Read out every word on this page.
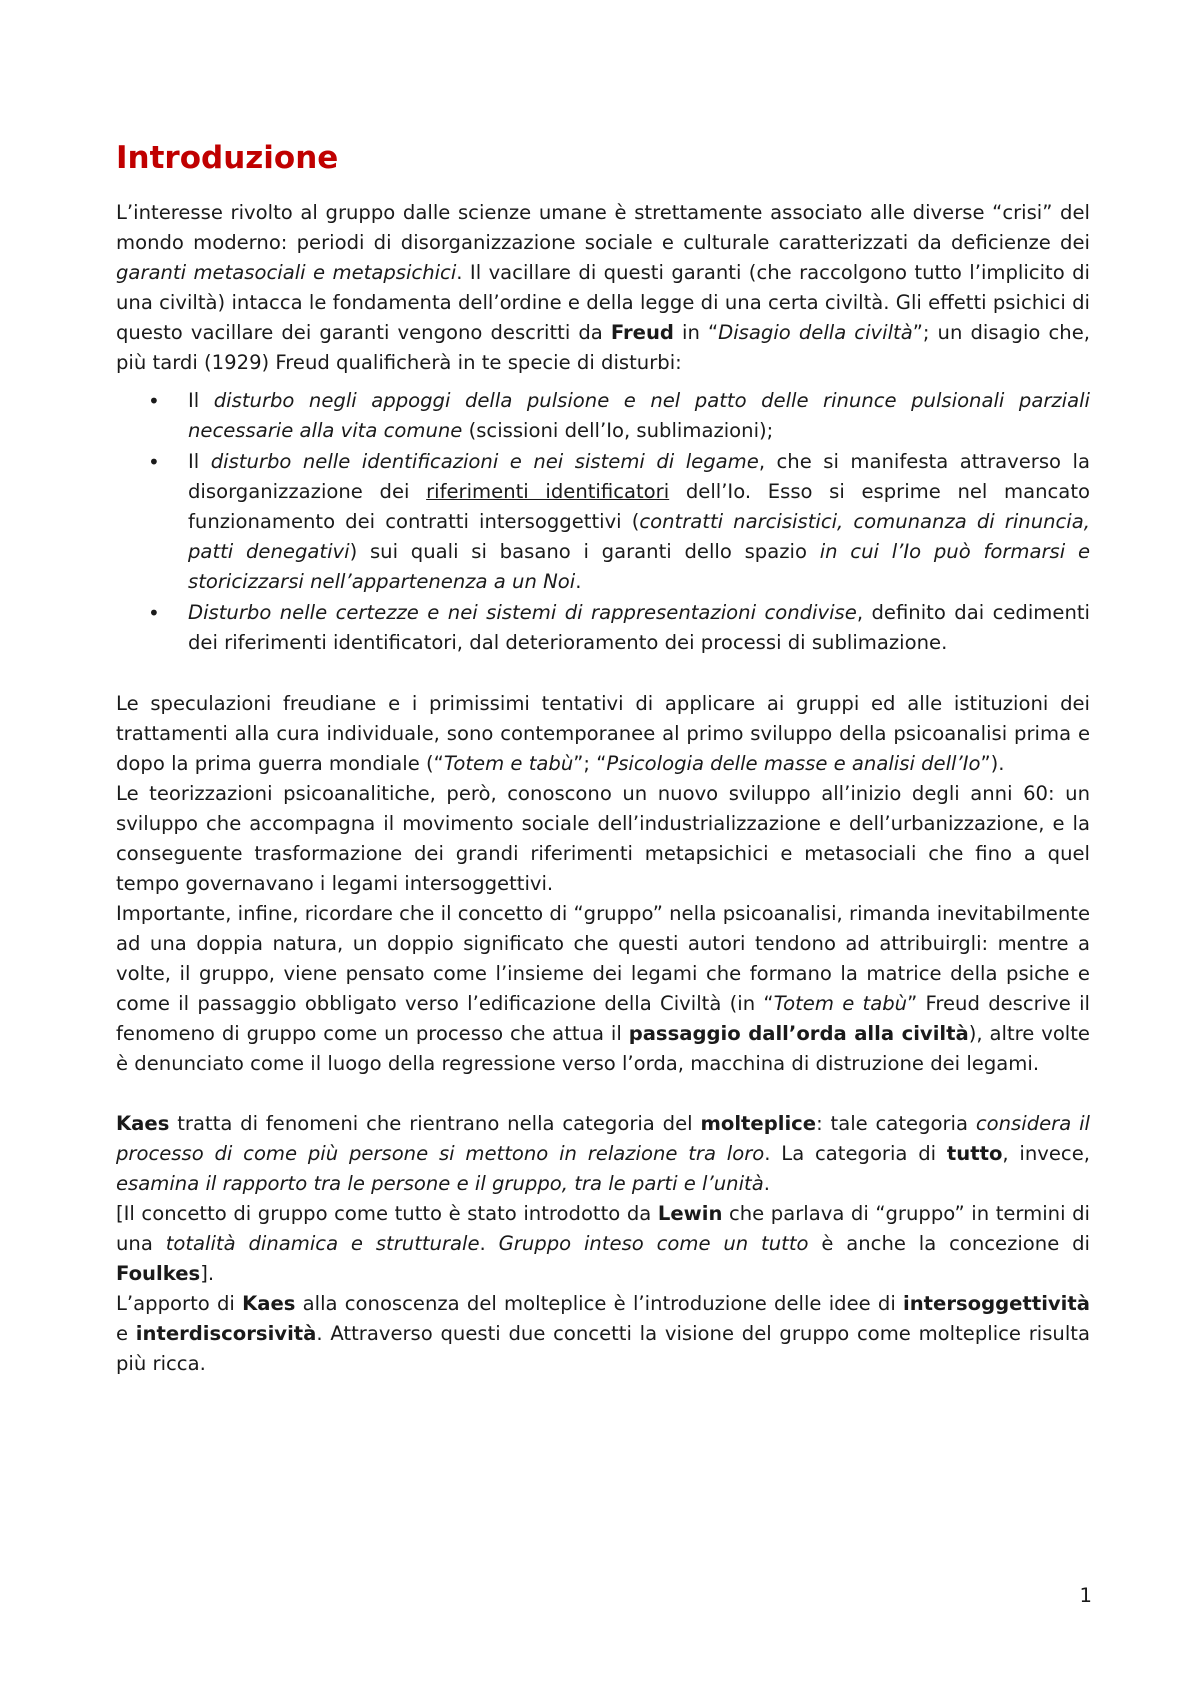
Introduzione

L’interesse rivolto al gruppo dalle scienze umane è strettamente associato alle diverse “crisi” del mondo moderno: periodi di disorganizzazione sociale e culturale caratterizzati da deficienze dei garanti metasociali e metapsichici. Il vacillare di questi garanti (che raccolgono tutto l’implicito di una civiltà) intacca le fondamenta dell’ordine e della legge di una certa civiltà. Gli effetti psichici di questo vacillare dei garanti vengono descritti da Freud in “Disagio della civiltà”; un disagio che, più tardi (1929) Freud qualificherà in te specie di disturbi:

• Il disturbo negli appoggi della pulsione e nel patto delle rinunce pulsionali parziali necessarie alla vita comune (scissioni dell’Io, sublimazioni);
• Il disturbo nelle identificazioni e nei sistemi di legame, che si manifesta attraverso la disorganizzazione dei riferimenti identificatori dell’Io. Esso si esprime nel mancato funzionamento dei contratti intersoggettivi (contratti narcisistici, comunanza di rinuncia, patti denegativi) sui quali si basano i garanti dello spazio in cui l’Io può formarsi e storicizzarsi nell’appartenenza a un Noi.
• Disturbo nelle certezze e nei sistemi di rappresentazioni condivise, definito dai cedimenti dei riferimenti identificatori, dal deterioramento dei processi di sublimazione.

Le speculazioni freudiane e i primissimi tentativi di applicare ai gruppi ed alle istituzioni dei trattamenti alla cura individuale, sono contemporanee al primo sviluppo della psicoanalisi prima e dopo la prima guerra mondiale (“Totem e tabù”; “Psicologia delle masse e analisi dell’Io”).

Le teorizzazioni psicoanalitiche, però, conoscono un nuovo sviluppo all’inizio degli anni 60: un sviluppo che accompagna il movimento sociale dell’industrializzazione e dell’urbanizzazione, e la conseguente trasformazione dei grandi riferimenti metapsichici e metasociali che fino a quel tempo governavano i legami intersoggettivi.

Importante, infine, ricordare che il concetto di “gruppo” nella psicoanalisi, rimanda inevitabilmente ad una doppia natura, un doppio significato che questi autori tendono ad attribuirgli: mentre a volte, il gruppo, viene pensato come l’insieme dei legami che formano la matrice della psiche e come il passaggio obbligato verso l’edificazione della Civiltà (in “Totem e tabù” Freud descrive il fenomeno di gruppo come un processo che attua il passaggio dall’orda alla civiltà), altre volte è denunciato come il luogo della regressione verso l’orda, macchina di distruzione dei legami.

Kaes tratta di fenomeni che rientrano nella categoria del molteplice: tale categoria considera il processo di come più persone si mettono in relazione tra loro. La categoria di tutto, invece, esamina il rapporto tra le persone e il gruppo, tra le parti e l’unità.

[Il concetto di gruppo come tutto è stato introdotto da Lewin che parlava di “gruppo” in termini di una totalità dinamica e strutturale. Gruppo inteso come un tutto è anche la concezione di Foulkes].

L’apporto di Kaes alla conoscenza del molteplice è l’introduzione delle idee di intersoggettività e interdiscorsività. Attraverso questi due concetti la visione del gruppo come molteplice risulta più ricca.

1
